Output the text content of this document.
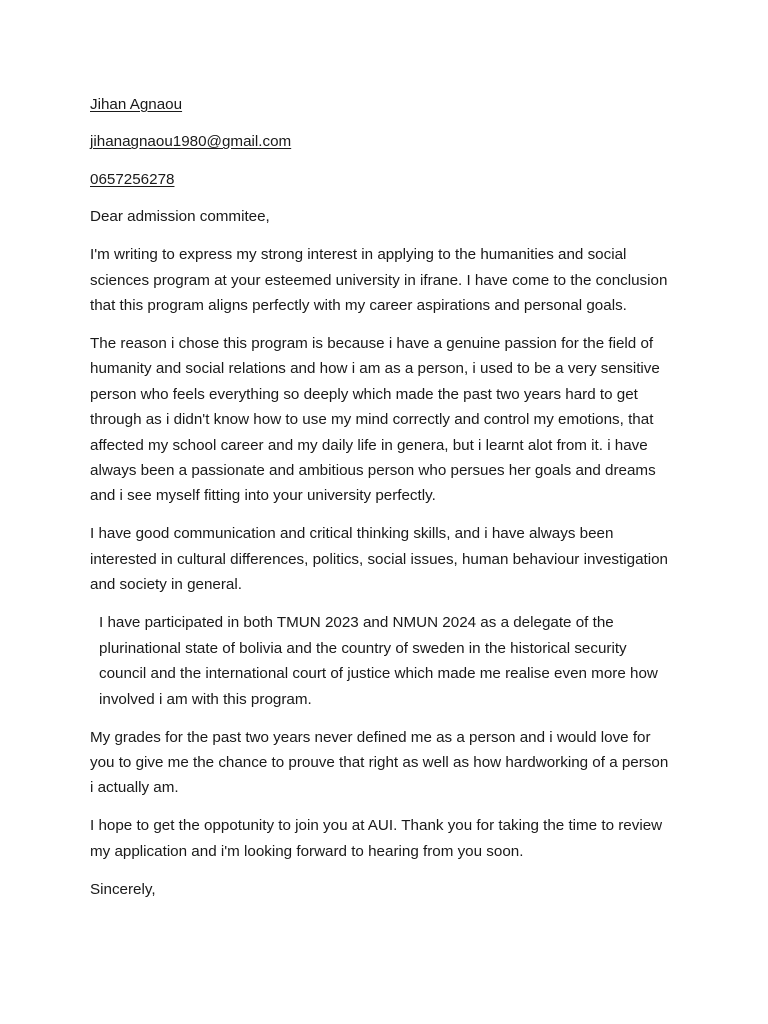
Jihan Agnaou

jihanagnaou1980@gmail.com

0657256278

Dear admission commitee,

I'm writing to express my strong interest in applying to the humanities and social sciences program at your esteemed university in ifrane. I have come to the conclusion that this program aligns perfectly with my career aspirations and personal goals.

The reason i chose this program is because i have a genuine passion for the field of humanity and social relations and how i am as a person, i used to be a very sensitive person who feels everything so deeply which made the past two years hard to get through as i didn't know how to use my mind correctly and control my emotions, that affected my school career and my daily life in genera, but i learnt alot from it. i have always been a passionate and ambitious person who persues her goals and dreams and i see myself fitting into your university perfectly.

I have good communication and critical thinking skills, and i have always been interested in cultural differences, politics, social issues, human behaviour investigation and society in general.

I have participated in both TMUN 2023 and NMUN 2024 as a delegate of the plurinational state of bolivia and the country of sweden in the historical security council and the international court of justice which made me realise even more how involved i am with this program.

My grades for the past two years never defined me as a person and i would love for you to give me the chance to prouve that right as well as how hardworking of a person i actually am.

I hope to get the oppotunity to join you at AUI. Thank you for taking the time to review my application and i'm looking forward to hearing from you soon.

Sincerely,
